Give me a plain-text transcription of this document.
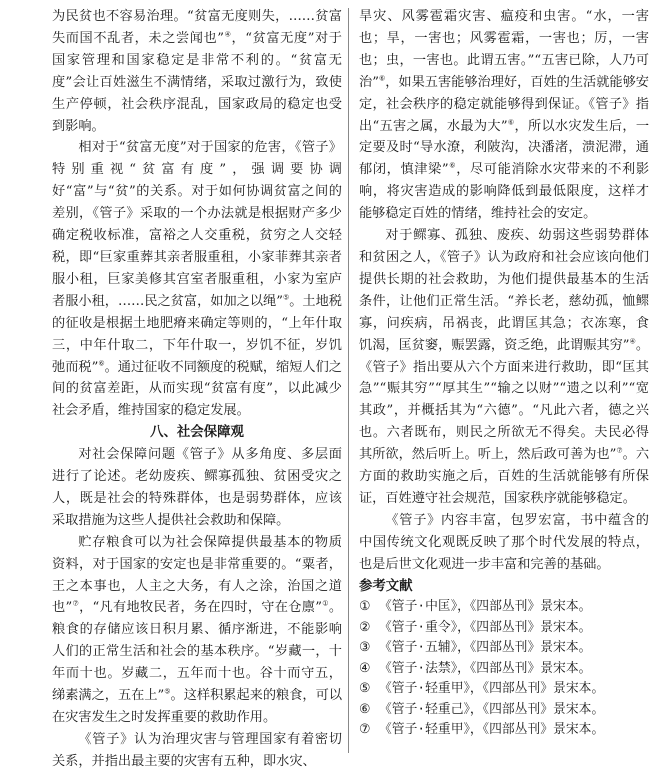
为民贫也不容易治理。“贫富无度则失，……贫富失而国不乱者，未之尝闻也”④，“贫富无度”对于国家管理和国家稳定是非常不利的。“贫富无度”会让百姓滋生不满情绪，采取过激行为，致使生产停顿，社会秩序混乱，国家政局的稳定也受到影响。

相对于“贫富无度”对于国家的危害，《管子》特别重视“贫富有度”，强调要协调好“富”与“贫”的关系。对于如何协调贫富之间的差别，《管子》采取的一个办法就是根据财产多少确定税收标准，富裕之人交重税，贫穷之人交轻税，即“巨家重葬其亲者服重租，小家菲葬其亲者服小租，巨家美修其宫室者服重租，小家为室庐者服小租，……民之贫富，如加之以绳”⑤。土地税的征收是根据土地肥瘠来确定等则的，“上年什取三，中年什取二，下年什取一，岁饥不征，岁饥弛而税”⑥。通过征收不同额度的税赋，缩短人们之间的贫富差距，从而实现“贫富有度”，以此减少社会矛盾，维持国家的稳定发展。

八、社会保障观

对社会保障问题《管子》从多角度、多层面进行了论述。老幼废疾、鳏寡孤独、贫困受灾之人，既是社会的特殊群体，也是弱势群体，应该采取措施为这些人提供社会救助和保障。

贮存粮食可以为社会保障提供最基本的物质资料，对于国家的安定也是非常重要的。“粟者，王之本事也，人主之大务，有人之涂，治国之道也”⑦，“凡有地牧民者，务在四时，守在仓廪”①。粮食的存储应该日积月累、循序渐进，不能影响人们的正常生活和社会的基本秩序。“岁藏一，十年而十也。岁藏二，五年而十也。谷十而守五，绨素满之，五在上”⑤。这样积累起来的粮食，可以在灾害发生之时发挥重要的救助作用。

《管子》认为治理灾害与管理国家有着密切关系，并指出最主要的灾害有五种，即水灾、

旱灾、风雾雹霜灾害、瘟疫和虫害。“水，一害也；旱，一害也；风雾雹霜，一害也；厉，一害也；虫，一害也。此谓五害。”“五害已除，人乃可治”⑥，如果五害能够治理好，百姓的生活就能够安定，社会秩序的稳定就能够得到保证。《管子》指出“五害之属，水最为大”⑥，所以水灾发生后，一定要及时“导水潦，利陂沟，决潘渚，溃泥滞，通郁闭，慎津梁”⑥，尽可能消除水灾带来的不利影响，将灾害造成的影响降低到最低限度，这样才能够稳定百姓的情绪，维持社会的安定。

对于鳏寡、孤独、废疾、幼弱这些弱势群体和贫困之人，《管子》认为政府和社会应该向他们提供长期的社会救助，为他们提供最基本的生活条件，让他们正常生活。“养长老，慈幼孤，恤鳏寡，问疾病，吊祸丧，此谓匡其急；衣冻寒，食饥渴，匡贫窭，赈罢露，资乏绝，此谓赈其穷”④。《管子》指出要从六个方面来进行救助，即“匡其急”“赈其穷”“厚其生”“输之以财”“遗之以利”“宽其政”，并概括其为“六德”。“凡此六者，德之兴也。六者既布，则民之所欲无不得矣。夫民必得其所欲，然后听上。听上，然后政可善为也”⑦。六方面的救助实施之后，百姓的生活就能够有所保证，百姓遵守社会规范，国家秩序就能够稳定。

《管子》内容丰富，包罗宏富，书中蕴含的中国传统文化观既反映了那个时代发展的特点，也是后世文化观进一步丰富和完善的基础。

参考文献
① 《管子·中匡》，《四部丛刊》景宋本。
② 《管子·重令》，《四部丛刊》景宋本。
③ 《管子·五辅》，《四部丛刊》景宋本。
④ 《管子·法禁》，《四部丛刊》景宋本。
⑤ 《管子·轻重甲》，《四部丛刊》景宋本。
⑥ 《管子·轻重己》，《四部丛刊》景宋本。
⑦ 《管子·轻重甲》，《四部丛刊》景宋本。
